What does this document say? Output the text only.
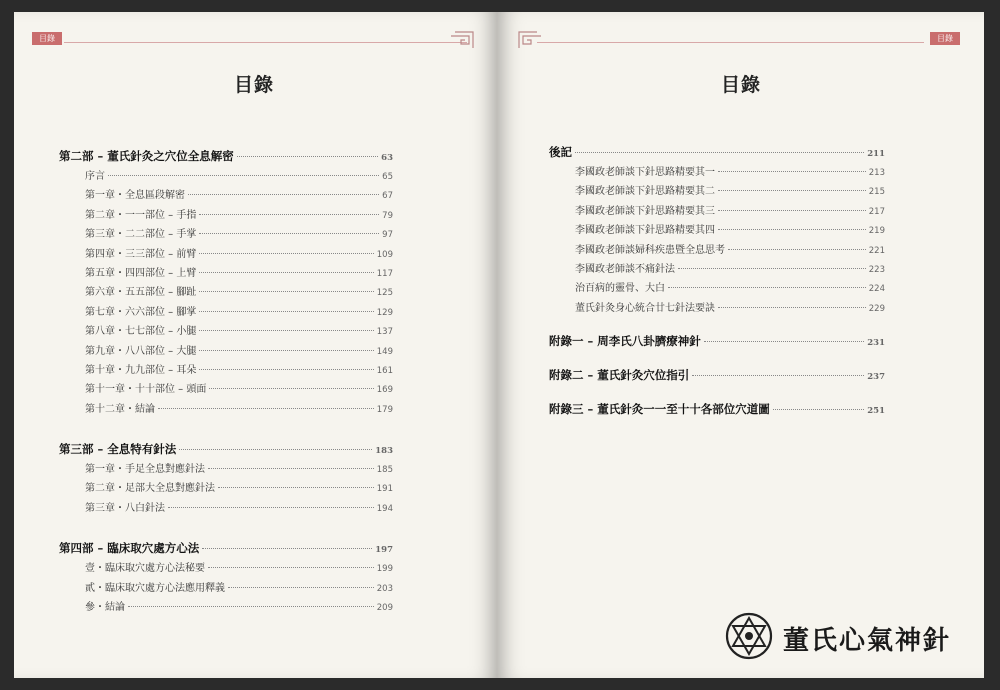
目錄
目錄
第二部 – 董氏針灸之穴位全息解密	63
序言	65
第一章・全息區段解密	67
第二章・一一部位 – 手指	79
第三章・二二部位 – 手掌	97
第四章・三三部位 – 前臂	109
第五章・四四部位 – 上臂	117
第六章・五五部位 – 腳趾	125
第七章・六六部位 – 腳掌	129
第八章・七七部位 – 小腿	137
第九章・八八部位 – 大腿	149
第十章・九九部位 – 耳朵	161
第十一章・十十部位 – 頭面	169
第十二章・結論	179
第三部 – 全息特有針法	183
第一章・手足全息對應針法	185
第二章・足部大全息對應針法	191
第三章・八白針法	194
第四部 – 臨床取穴處方心法	197
壹・臨床取穴處方心法秘要	199
貳・臨床取穴處方心法應用釋義	203
參・結論	209
目錄
目錄
後記	211
李國政老師談下針思路精要其一	213
李國政老師談下針思路精要其二	215
李國政老師談下針思路精要其三	217
李國政老師談下針思路精要其四	219
李國政老師談婦科疾患暨全息思考	221
李國政老師談不痛針法	223
治百病的靈骨、大白	224
董氏針灸身心統合廿七針法要訣	229
附錄一 – 周李氏八卦臍療神針	231
附錄二 – 董氏針灸穴位指引	237
附錄三 – 董氏針灸一一至十十各部位穴道圖	251
董氏心氣神針
